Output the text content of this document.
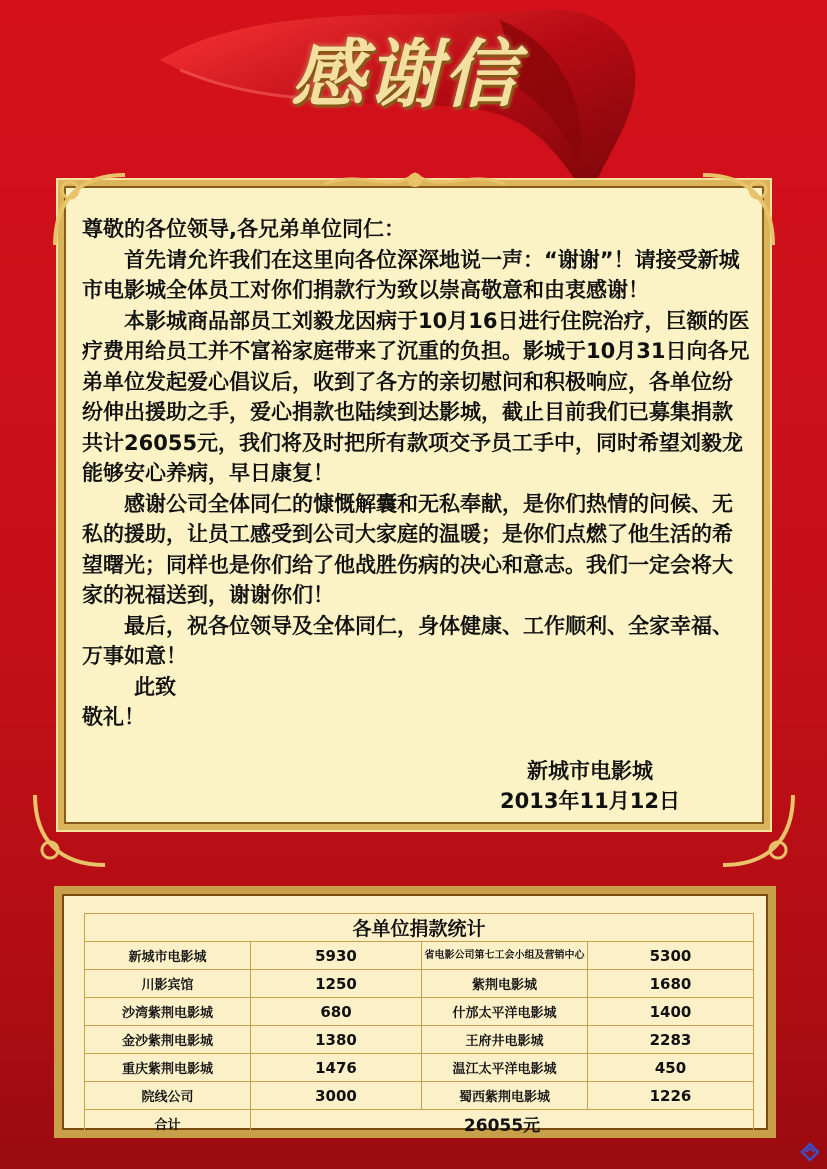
感谢信

尊敬的各位领导,各兄弟单位同仁：

首先请允许我们在这里向各位深深地说一声：“谢谢”！请接受新城市电影城全体员工对你们捐款行为致以崇高敬意和由衷感谢！

本影城商品部员工刘毅龙因病于10月16日进行住院治疗，巨额的医疗费用给员工并不富裕家庭带来了沉重的负担。影城于10月31日向各兄弟单位发起爱心倡议后，收到了各方的亲切慰问和积极响应，各单位纷纷伸出援助之手，爱心捐款也陆续到达影城，截止目前我们已募集捐款共计26055元，我们将及时把所有款项交予员工手中，同时希望刘毅龙能够安心养病，早日康复！

感谢公司全体同仁的慷慨解囊和无私奉献，是你们热情的问候、无私的援助，让员工感受到公司大家庭的温暖；是你们点燃了他生活的希望曙光；同样也是你们给了他战胜伤病的决心和意志。我们一定会将大家的祝福送到，谢谢你们！

最后，祝各位领导及全体同仁，身体健康、工作顺利、全家幸福、万事如意！

此致

敬礼！

新城市电影城
2013年11月12日
各单位捐款统计			
新城市电影城	5930	省电影公司第七工会小组及营销中心	5300
川影宾馆	1250	紫荆电影城	1680
沙湾紫荆电影城	680	什邡太平洋电影城	1400
金沙紫荆电影城	1380	王府井电影城	2283
重庆紫荆电影城	1476	温江太平洋电影城	450
院线公司	3000	蜀西紫荆电影城	1226
合计	26055元		
